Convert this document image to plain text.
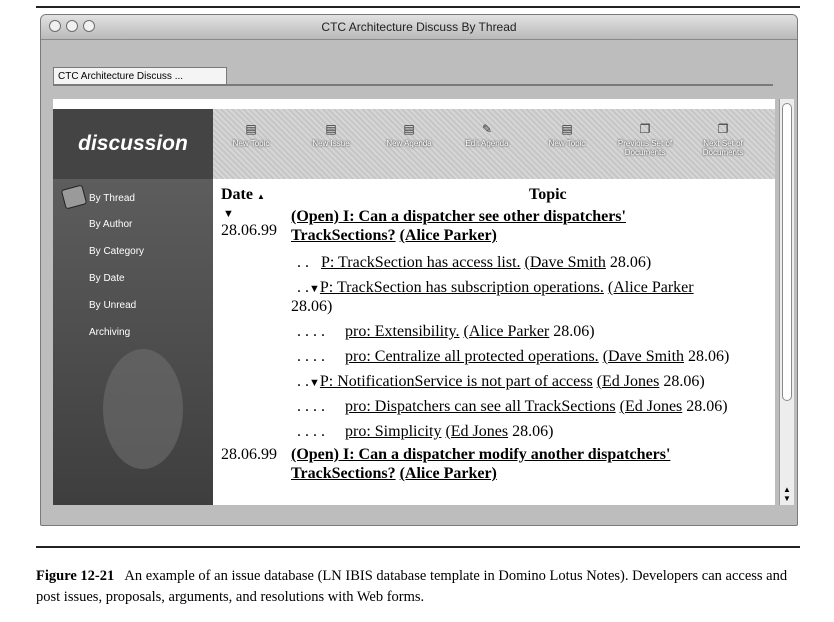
CTC Architecture Discuss By Thread
CTC Architecture Discuss ...
discussion
▤
New Topic
▤
New Issue
▤
New Agenda
✎
Edit Agenda
▤
New Topic
❐
Previous Set of Documents
❐
Next Set of Documents
By Thread
By Author
By Category
By Date
By Unread
Archiving
Date ▲	Topic
▼
28.06.99
(Open) I: Can a dispatcher see other dispatchers'
TrackSections? (Alice Parker)
. . P: TrackSection has access list. (Dave Smith 28.06)
. .▼P: TrackSection has subscription operations. (Alice Parker
28.06)
. . . . pro: Extensibility. (Alice Parker 28.06)
. . . . pro: Centralize all protected operations. (Dave Smith 28.06)
. .▼P: NotificationService is not part of access (Ed Jones 28.06)
. . . . pro: Dispatchers can see all TrackSections (Ed Jones 28.06)
. . . . pro: Simplicity (Ed Jones 28.06)
28.06.99 (Open) I: Can a dispatcher modify another dispatchers'
TrackSections? (Alice Parker)
▲
▼
Figure 12-21 An example of an issue database (LN IBIS database template in Domino Lotus Notes). Developers can access and post issues, proposals, arguments, and resolutions with Web forms.
